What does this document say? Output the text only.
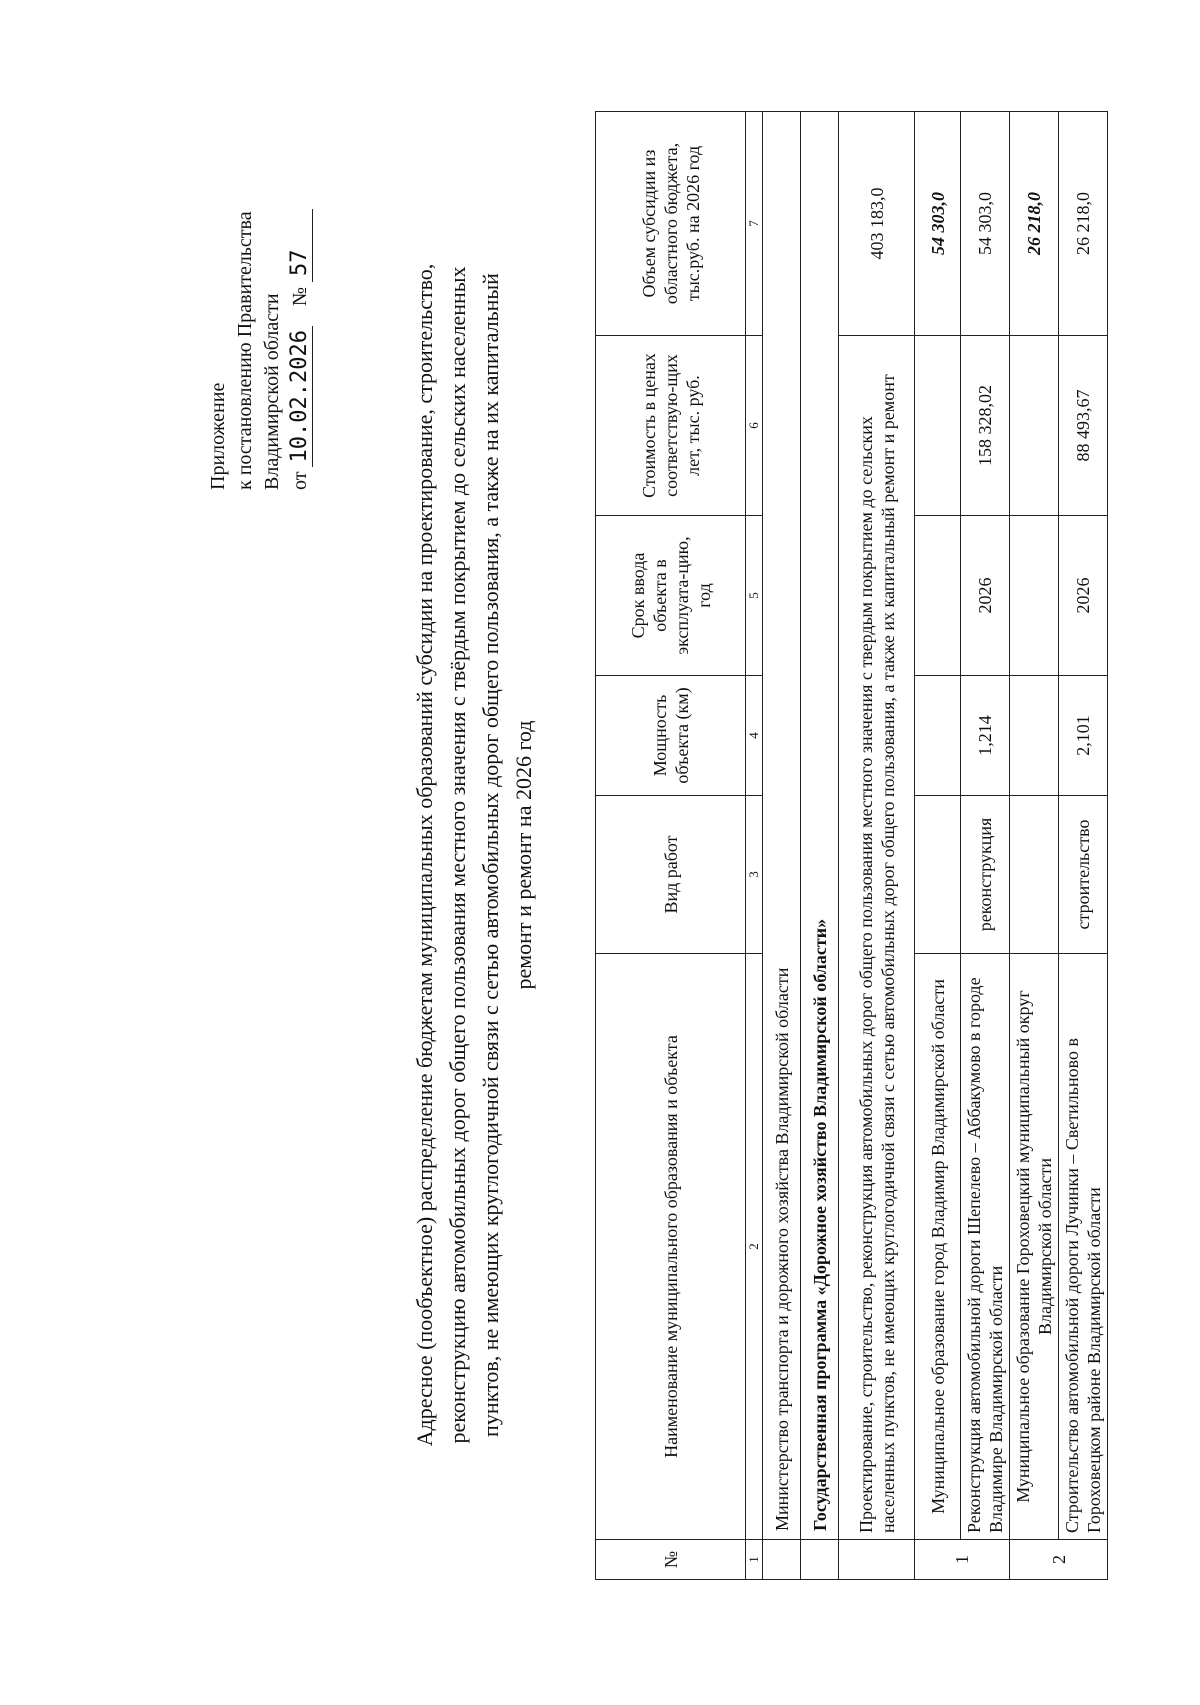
Приложение к постановлению Правительства Владимирской области от 10.02.2026    № 57
Адресное (пообъектное) распределение бюджетам муниципальных образований субсидии на проектирование, строительство, реконструкцию автомобильных дорог общего пользования местного значения с твёрдым покрытием до сельских населенных пунктов, не имеющих круглогодичной связи с сетью автомобильных дорог общего пользования, а также на их капитальный ремонт и ремонт на 2026 год
№	Наименование муниципального образования и объекта	Вид работ	Мощность объекта (км)	Срок ввода объекта в эксплуата-цию, год	Стоимость в ценах соответствую-щих лет, тыс. руб.	Объем субсидии из областного бюджета, тыс.руб. на 2026 год
1	2	3	4	5	6	7
	Министерство транспорта и дорожного хозяйства Владимирской области					
	Государственная программа «Дорожное хозяйство Владимирской области»					
	Проектирование, строительство, реконструкция автомобильных дорог общего пользования местного значения с твердым покрытием до сельских населенных пунктов, не имеющих круглогодичной связи с сетью автомобильных дорог общего пользования, а также их капитальный ремонт и ремонт					403 183,0
1	Муниципальное образование город Владимир Владимирской области					54 303,0
	Реконструкция автомобильной дороги Шепелево – Аббакумово в городе Владимире Владимирской области	реконструкция	1,214	2026	158 328,02	54 303,0
2	Муниципальное образование Гороховецкий муниципальный округ Владимирской области					26 218,0
	Строительство автомобильной дороги Лучинки – Светильново в Гороховецком районе Владимирской области	строительство	2,101	2026	88 493,67	26 218,0
